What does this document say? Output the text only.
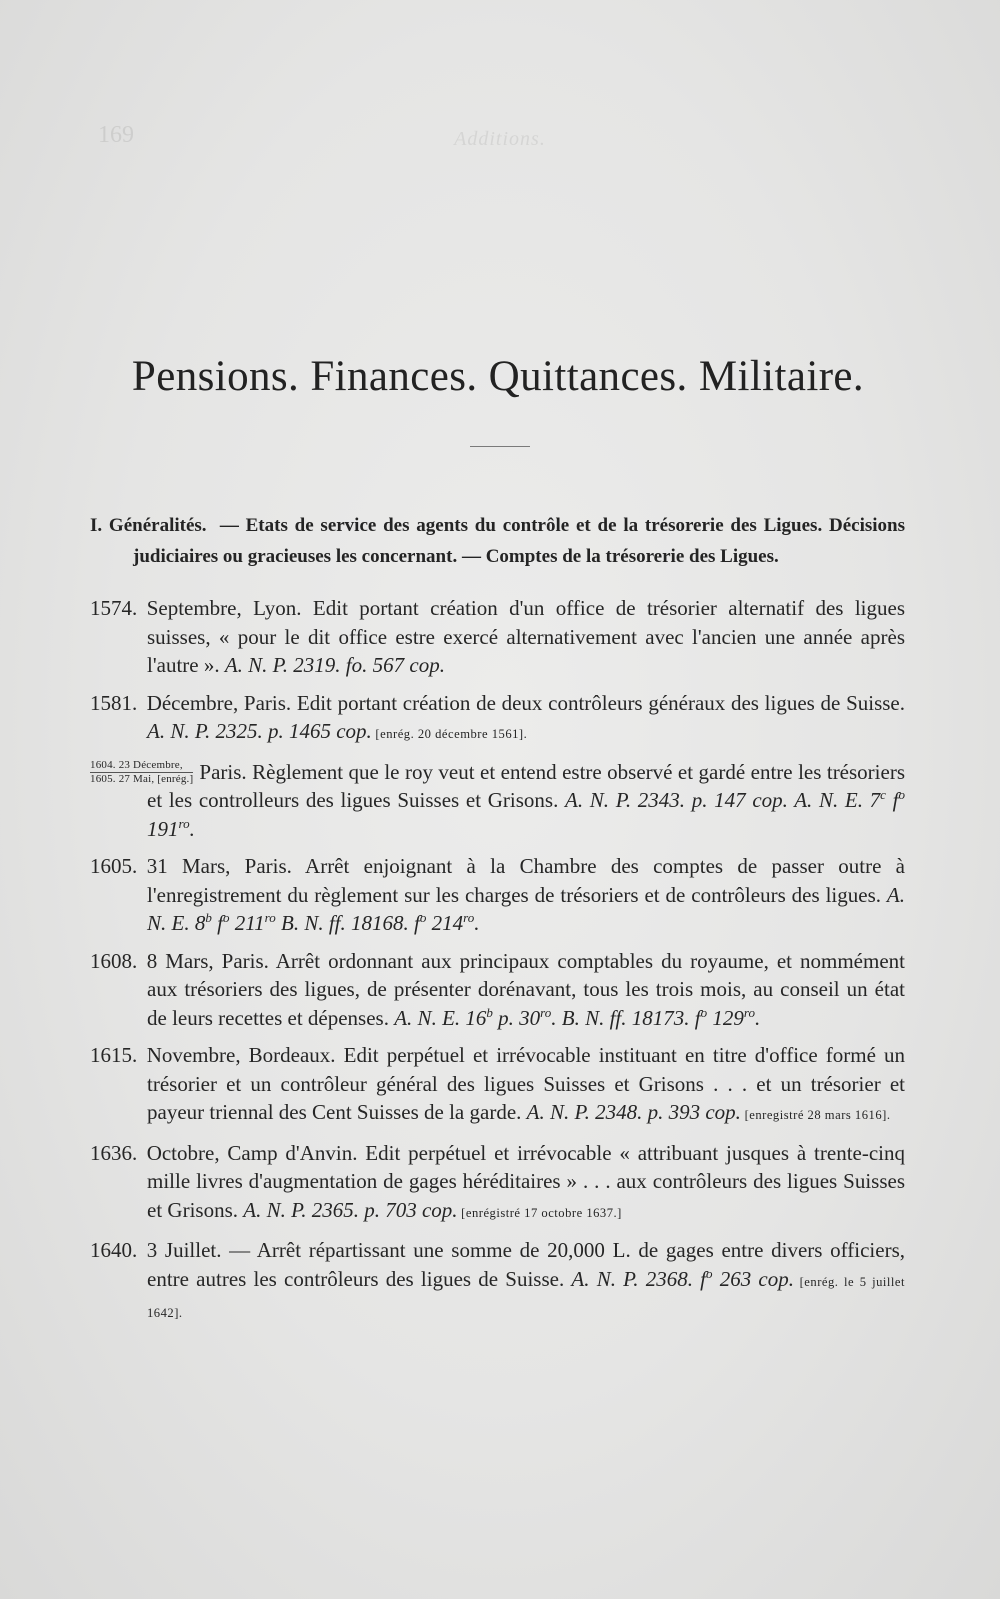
169	Additions.
Pensions. Finances. Quittances. Militaire.

I. Généralités. — Etats de service des agents du contrôle et de la trésorerie des Ligues. Décisions judiciaires ou gracieuses les concernant. — Comptes de la trésorerie des Ligues.

1574. Septembre, Lyon. Edit portant création d'un office de trésorier alternatif des ligues suisses, « pour le dit office estre exercé alternativement avec l'ancien une année après l'autre ». A. N. P. 2319. fo. 567 cop.

1581. Décembre, Paris. Edit portant création de deux contrôleurs généraux des ligues de Suisse. A. N. P. 2325. p. 1465 cop. [enrég. 20 décembre 1561].

1604. 23 Décembre,
1605. 27 Mai, [enrég.] Paris. Règlement que le roy veut et entend estre observé et gardé entre les trésoriers et les controlleurs des ligues Suisses et Grisons. A. N. P. 2343. p. 147 cop. A. N. E. 7$^c$ $f^o$ $191^{ro}$.

1605. 31 Mars, Paris. Arrêt enjoignant à la Chambre des comptes de passer outre à l'enregistrement du règlement sur les charges de trésoriers et de contrôleurs des ligues. A. N. E. 8$^b$ $f^o$ $211^{ro}$ B. N. ff. 18168. $f^o$ $214^{ro}$.

1608. 8 Mars, Paris. Arrêt ordonnant aux principaux comptables du royaume, et nommément aux trésoriers des ligues, de présenter dorénavant, tous les trois mois, au conseil un état de leurs recettes et dépenses. A. N. E. 16$^b$ p. $30^{ro}$. B. N. ff. 18173. $f^o$ $129^{ro}$.

1615. Novembre, Bordeaux. Edit perpétuel et irrévocable instituant en titre d'office formé un trésorier et un contrôleur général des ligues Suisses et Grisons . . . et un trésorier et payeur triennal des Cent Suisses de la garde. A. N. P. 2348. p. 393 cop. [enregistré 28 mars 1616].

1636. Octobre, Camp d'Anvin. Edit perpétuel et irrévocable « attribuant jusques à trente-cinq mille livres d'augmentation de gages héréditaires » . . . aux contrôleurs des ligues Suisses et Grisons. A. N. P. 2365. p. 703 cop. [enrégistré 17 octobre 1637.]

1640. 3 Juillet. — Arrêt répartissant une somme de 20,000 L. de gages entre divers officiers, entre autres les contrôleurs des ligues de Suisse. A. N. P. 2368. $f^o$ 263 cop. [enrég. le 5 juillet 1642].
